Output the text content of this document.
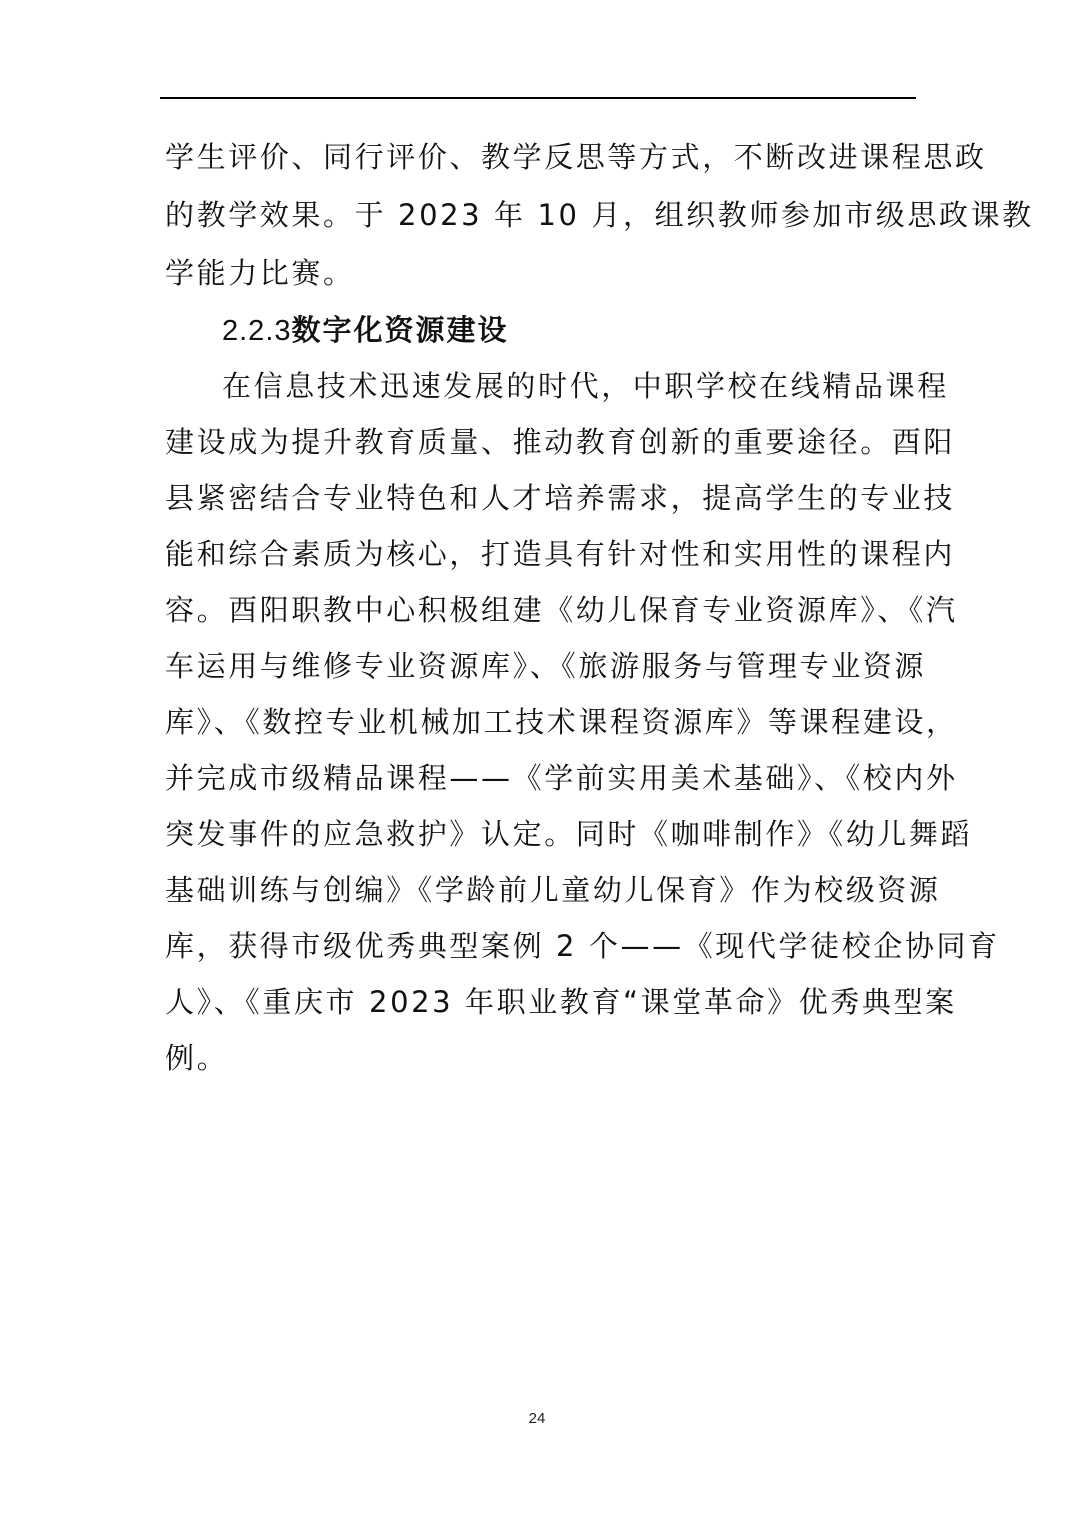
学生评价、同行评价、教学反思等方式，不断改进课程思政
的教学效果。于 2023 年 10 月，组织教师参加市级思政课教
学能力比赛。
2.2.3数字化资源建设
在信息技术迅速发展的时代，中职学校在线精品课程
建设成为提升教育质量、推动教育创新的重要途径。酉阳
县紧密结合专业特色和人才培养需求，提高学生的专业技
能和综合素质为核心，打造具有针对性和实用性的课程内
容。酉阳职教中心积极组建《幼儿保育专业资源库》、《汽
车运用与维修专业资源库》、《旅游服务与管理专业资源
库》、《数控专业机械加工技术课程资源库》等课程建设，
并完成市级精品课程——《学前实用美术基础》、《校内外
突发事件的应急救护》认定。同时《咖啡制作》《幼儿舞蹈
基础训练与创编》《学龄前儿童幼儿保育》作为校级资源
库，获得市级优秀典型案例 2 个——《现代学徒校企协同育
人》、《重庆市 2023 年职业教育“课堂革命》优秀典型案
例。
24
